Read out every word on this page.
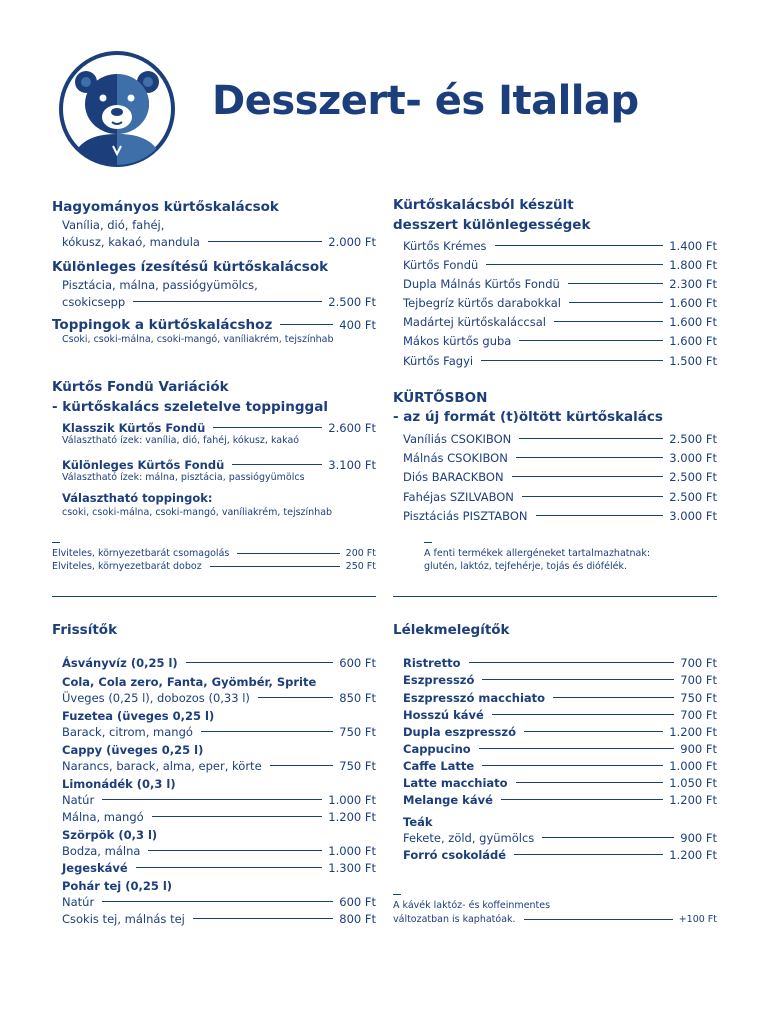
Desszert- és Itallap
Hagyományos kürtőskalácsok
Vanília, dió, fahéj,
kókusz, kakaó, mandula	2.000 Ft
Különleges ízesítésű kürtőskalácsok
Pisztácia, málna, passiógyümölcs,
csokicsepp	2.500 Ft
Toppingok a kürtőskalácshoz	400 Ft
Csoki, csoki-málna, csoki-mangó, vaníliakrém, tejszínhab
Kürtős Fondü Variációk
- kürtőskalács szeletelve toppinggal
Klasszik Kürtős Fondü	2.600 Ft
Választható ízek: vanília, dió, fahéj, kókusz, kakaó
Különleges Kürtős Fondü	3.100 Ft
Választható ízek: málna, pisztácia, passiógyümölcs
Választható toppingok:
csoki, csoki-málna, csoki-mangó, vaníliakrém, tejszínhab
Elviteles, környezetbarát csomagolás	200 Ft
Elviteles, környezetbarát doboz	250 Ft
Kürtőskalácsból készült
desszert különlegességek
Kürtős Krémes	1.400 Ft
Kürtős Fondü	1.800 Ft
Dupla Málnás Kürtős Fondü	2.300 Ft
Tejbegríz kürtős darabokkal	1.600 Ft
Madártej kürtőskaláccsal	1.600 Ft
Mákos kürtős guba	1.600 Ft
Kürtős Fagyi	1.500 Ft
KÜRTŐSBON
- az új formát (t)öltött kürtőskalács
Vaníliás CSOKIBON	2.500 Ft
Málnás CSOKIBON	3.000 Ft
Diós BARACKBON	2.500 Ft
Fahéjas SZILVABON	2.500 Ft
Pisztáciás PISZTABON	3.000 Ft
A fenti termékek allergéneket tartalmazhatnak:
glutén, laktóz, tejfehérje, tojás és diófélék.
Frissítők
Ásványvíz (0,25 l)	600 Ft
Cola, Cola zero, Fanta, Gyömbér, Sprite
Üveges (0,25 l), dobozos (0,33 l)	850 Ft
Fuzetea (üveges 0,25 l)
Barack, citrom, mangó	750 Ft
Cappy (üveges 0,25 l)
Narancs, barack, alma, eper, körte	750 Ft
Limonádék (0,3 l)
Natúr	1.000 Ft
Málna, mangó	1.200 Ft
Szörpök (0,3 l)
Bodza, málna	1.000 Ft
Jegeskávé	1.300 Ft
Pohár tej (0,25 l)
Natúr	600 Ft
Csokis tej, málnás tej	800 Ft
Lélekmelegítők
Ristretto	700 Ft
Eszpresszó	700 Ft
Eszpresszó macchiato	750 Ft
Hosszú kávé	700 Ft
Dupla eszpresszó	1.200 Ft
Cappucino	900 Ft
Caffe Latte	1.000 Ft
Latte macchiato	1.050 Ft
Melange kávé	1.200 Ft
Teák
Fekete, zöld, gyümölcs	900 Ft
Forró csokoládé	1.200 Ft
A kávék laktóz- és koffeinmentes
változatban is kaphatóak.	+100 Ft
